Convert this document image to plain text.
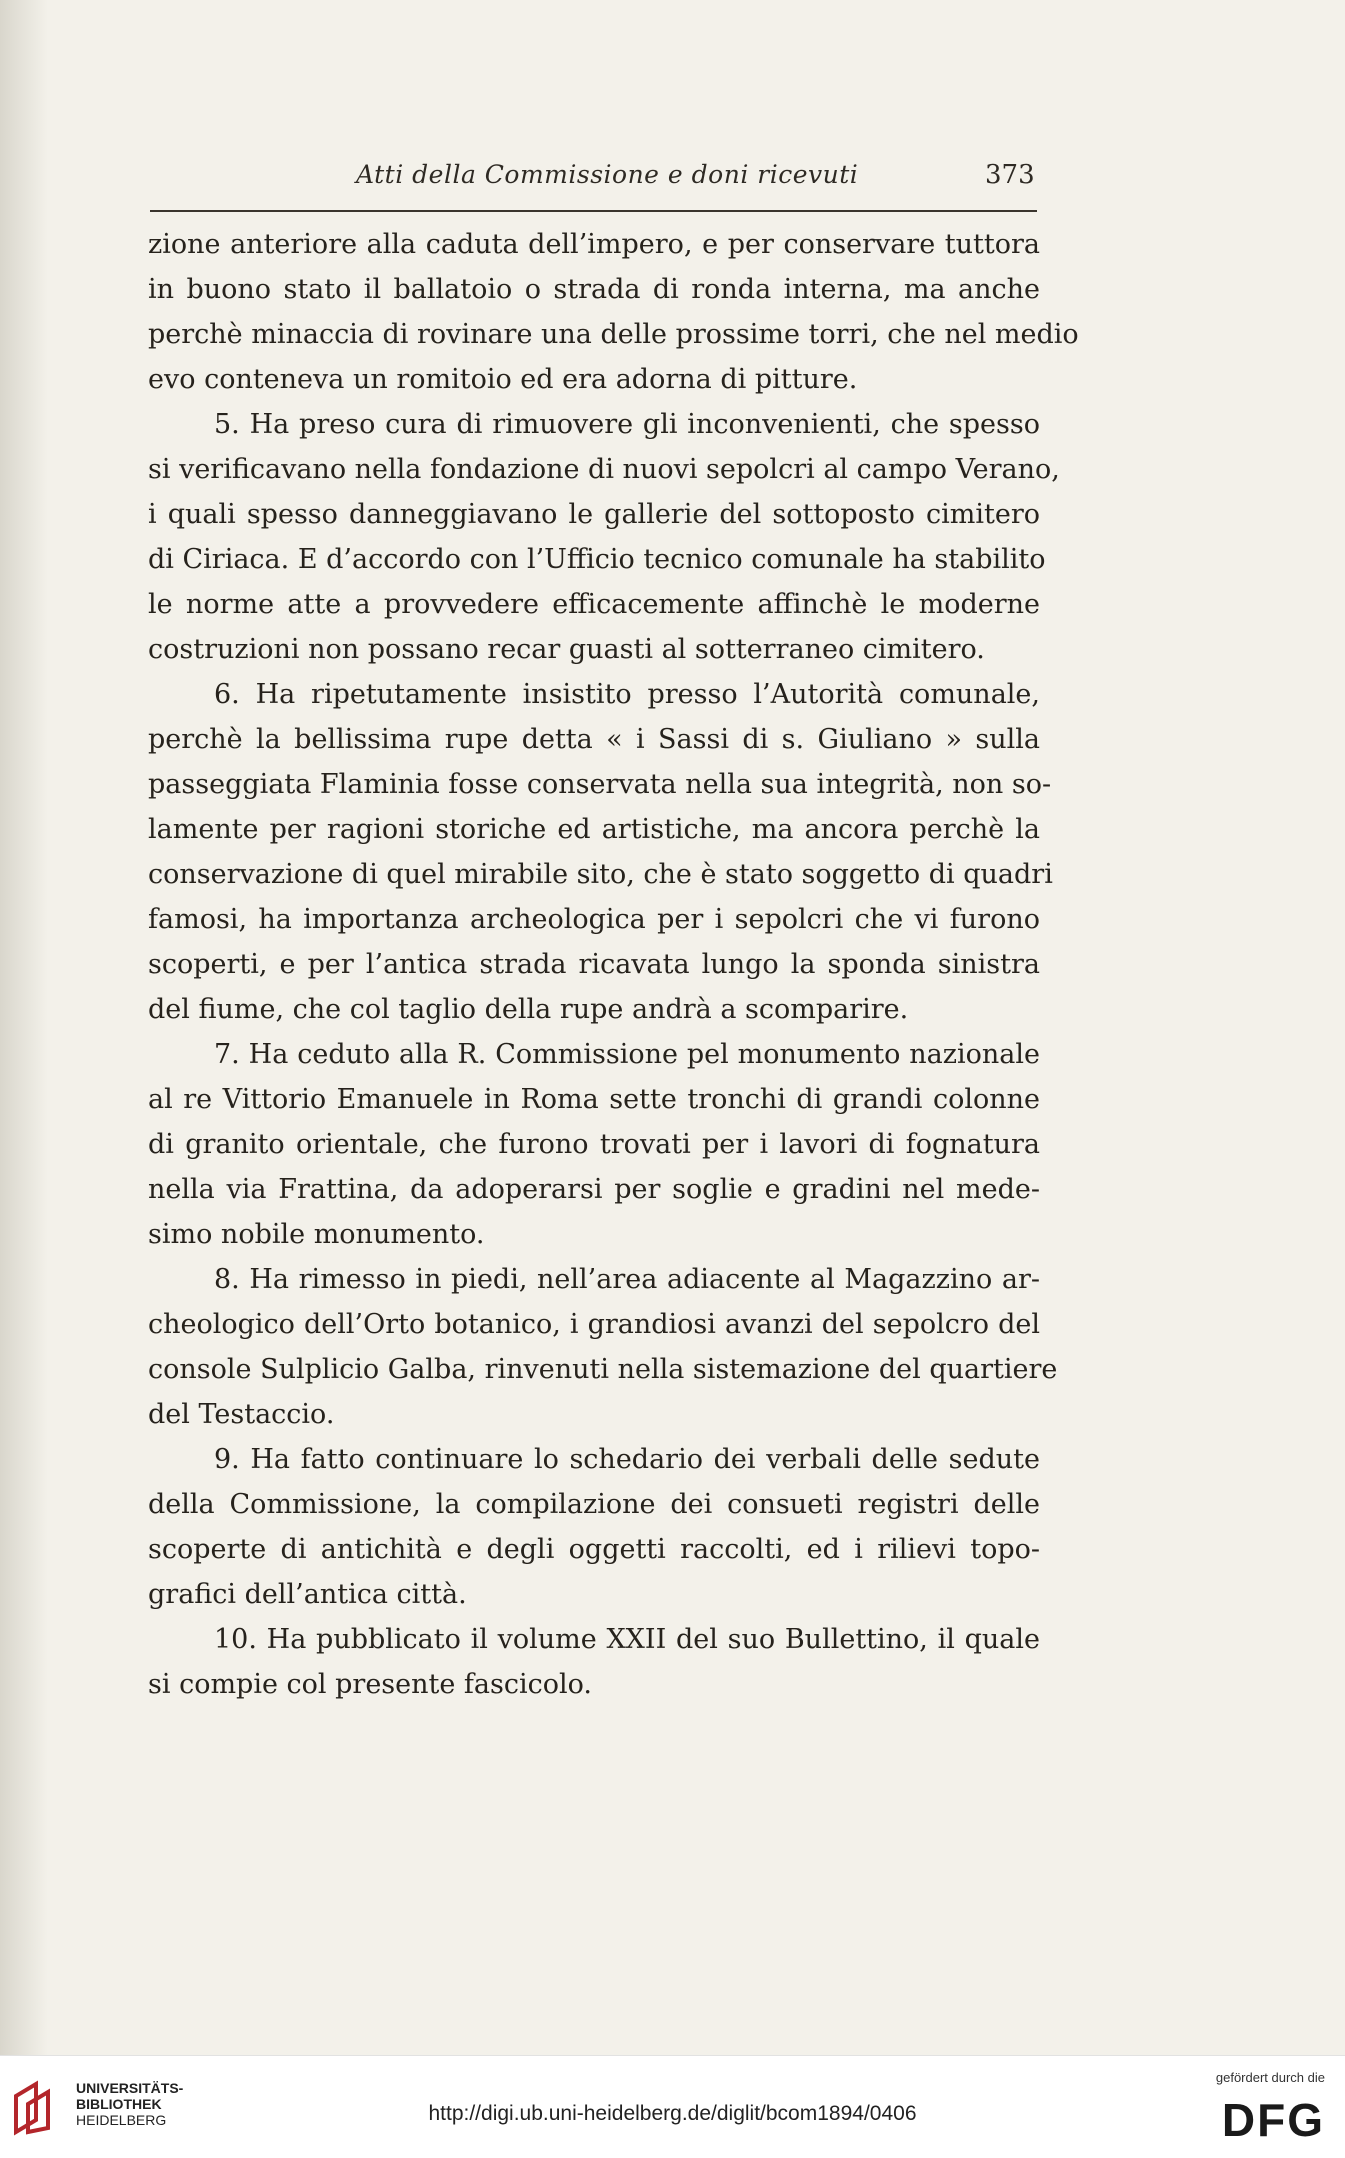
Atti della Commissione e doni ricevuti	373
zione anteriore alla caduta dell’impero, e per conservare tuttora
in buono stato il ballatoio o strada di ronda interna, ma anche
perchè minaccia di rovinare una delle prossime torri, che nel medio
evo conteneva un romitoio ed era adorna di pitture.
5. Ha preso cura di rimuovere gli inconvenienti, che spesso
si verificavano nella fondazione di nuovi sepolcri al campo Verano,
i quali spesso danneggiavano le gallerie del sottoposto cimitero
di Ciriaca. E d’accordo con l’Ufficio tecnico comunale ha stabilito
le norme atte a provvedere efficacemente affinchè le moderne
costruzioni non possano recar guasti al sotterraneo cimitero.
6. Ha ripetutamente insistito presso l’Autorità comunale,
perchè la bellissima rupe detta « i Sassi di s. Giuliano » sulla
passeggiata Flaminia fosse conservata nella sua integrità, non so-
lamente per ragioni storiche ed artistiche, ma ancora perchè la
conservazione di quel mirabile sito, che è stato soggetto di quadri
famosi, ha importanza archeologica per i sepolcri che vi furono
scoperti, e per l’antica strada ricavata lungo la sponda sinistra
del fiume, che col taglio della rupe andrà a scomparire.
7. Ha ceduto alla R. Commissione pel monumento nazionale
al re Vittorio Emanuele in Roma sette tronchi di grandi colonne
di granito orientale, che furono trovati per i lavori di fognatura
nella via Frattina, da adoperarsi per soglie e gradini nel mede-
simo nobile monumento.
8. Ha rimesso in piedi, nell’area adiacente al Magazzino ar-
cheologico dell’Orto botanico, i grandiosi avanzi del sepolcro del
console Sulplicio Galba, rinvenuti nella sistemazione del quartiere
del Testaccio.
9. Ha fatto continuare lo schedario dei verbali delle sedute
della Commissione, la compilazione dei consueti registri delle
scoperte di antichità e degli oggetti raccolti, ed i rilievi topo-
grafici dell’antica città.
10. Ha pubblicato il volume XXII del suo Bullettino, il quale
si compie col presente fascicolo.
UNIVERSITÄTS-
BIBLIOTHEK
HEIDELBERG	http://digi.ub.uni-heidelberg.de/diglit/bcom1894/0406
gefördert durch die
DFG
